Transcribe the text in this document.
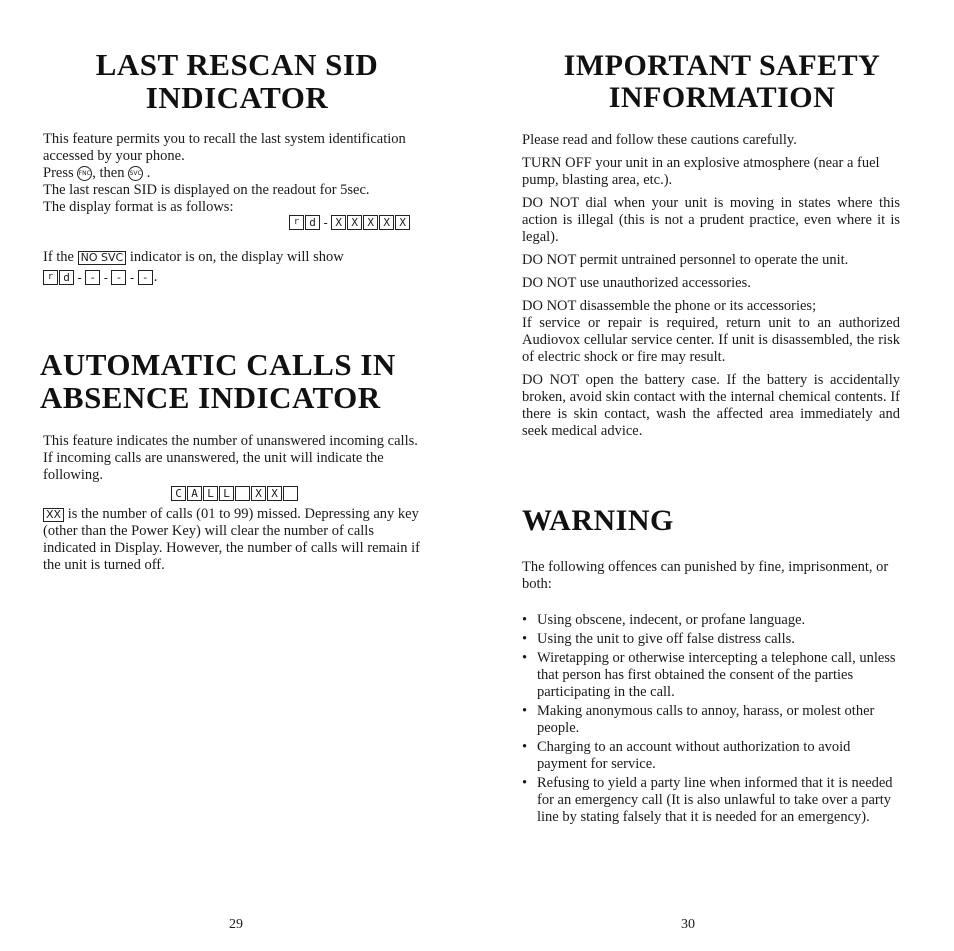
LAST RESCAN SID
INDICATOR

This feature permits you to recall the last system identification accessed by your phone.

Press FNC, then SVC .

The last rescan SID is displayed on the readout for 5sec.

The display format is as follows:

r d - X X X X X
If the NO SVC indicator is on, the display will show
r d - - - - - - .
AUTOMATIC CALLS IN
ABSENCE INDICATOR

This feature indicates the number of unanswered incoming calls. If incoming calls are unanswered, the unit will indicate the following.

C A L L	X X
XX is the number of calls (01 to 99) missed. Depressing any key (other than the Power Key) will clear the number of calls indicated in Display. However, the number of calls will remain if the unit is turned off.
29
IMPORTANT SAFETY
INFORMATION

Please read and follow these cautions carefully.

TURN OFF your unit in an explosive atmosphere (near a fuel pump, blasting area, etc.).

DO NOT dial when your unit is moving in states where this action is illegal (this is not a prudent practice, even where it is legal).

DO NOT permit untrained personnel to operate the unit.

DO NOT use unauthorized accessories.

DO NOT disassemble the phone or its accessories;

If service or repair is required, return unit to an authorized Audiovox cellular service center. If unit is disassembled, the risk of electric shock or fire may result.

DO NOT open the battery case. If the battery is accidentally broken, avoid skin contact with the internal chemical contents. If there is skin contact, wash the affected area immediately and seek medical advice.

WARNING

The following offences can punished by fine, imprisonment, or both:

• Using obscene, indecent, or profane language.
• Using the unit to give off false distress calls.
• Wiretapping or otherwise intercepting a telephone call, unless that person has first obtained the consent of the parties participating in the call.
• Making anonymous calls to annoy, harass, or molest other people.
• Charging to an account without authorization to avoid payment for service.
• Refusing to yield a party line when informed that it is needed for an emergency call (It is also unlawful to take over a party line by stating falsely that it is needed for an emergency).
30
